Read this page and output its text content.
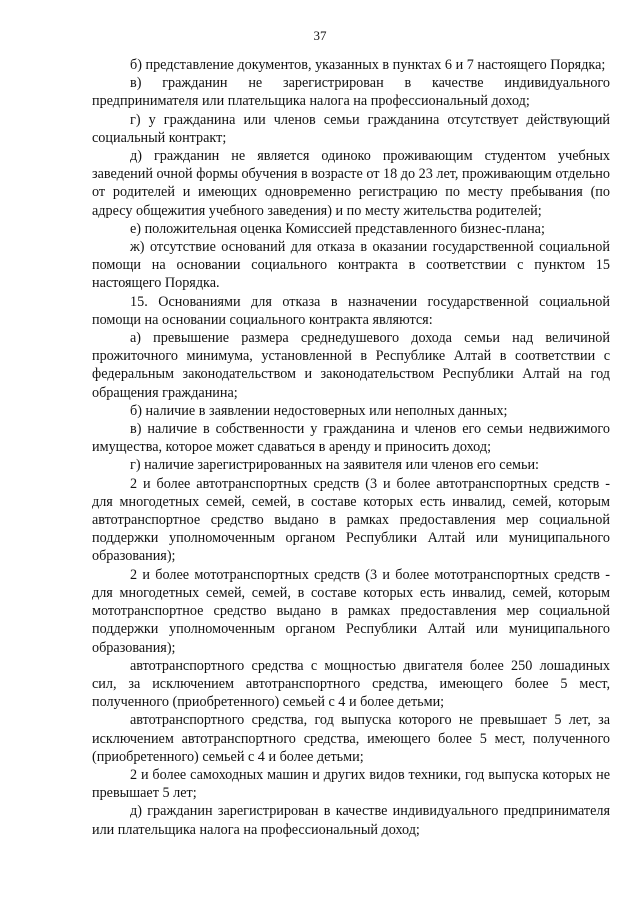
37

б) представление документов, указанных в пунктах 6 и 7 настоящего Порядка;

в) гражданин не зарегистрирован в качестве индивидуального предпринимателя или плательщика налога на профессиональный доход;

г) у гражданина или членов семьи гражданина отсутствует действующий социальный контракт;

д) гражданин не является одиноко проживающим студентом учебных заведений очной формы обучения в возрасте от 18 до 23 лет, проживающим отдельно от родителей и имеющих одновременно регистрацию по месту пребывания (по адресу общежития учебного заведения) и по месту жительства родителей;

е) положительная оценка Комиссией представленного бизнес-плана;

ж) отсутствие оснований для отказа в оказании государственной социальной помощи на основании социального контракта в соответствии с пунктом 15 настоящего Порядка.

15. Основаниями для отказа в назначении государственной социальной помощи на основании социального контракта являются:

а) превышение размера среднедушевого дохода семьи над величиной прожиточного минимума, установленной в Республике Алтай в соответствии с федеральным законодательством и законодательством Республики Алтай на год обращения гражданина;

б) наличие в заявлении недостоверных или неполных данных;

в) наличие в собственности у гражданина и членов его семьи недвижимого имущества, которое может сдаваться в аренду и приносить доход;

г) наличие зарегистрированных на заявителя или членов его семьи:

2 и более автотранспортных средств (3 и более автотранспортных средств - для многодетных семей, семей, в составе которых есть инвалид, семей, которым автотранспортное средство выдано в рамках предоставления мер социальной поддержки уполномоченным органом Республики Алтай или муниципального образования);

2 и более мототранспортных средств (3 и более мототранспортных средств - для многодетных семей, семей, в составе которых есть инвалид, семей, которым мототранспортное средство выдано в рамках предоставления мер социальной поддержки уполномоченным органом Республики Алтай или муниципального образования);

автотранспортного средства с мощностью двигателя более 250 лошадиных сил, за исключением автотранспортного средства, имеющего более 5 мест, полученного (приобретенного) семьей с 4 и более детьми;

автотранспортного средства, год выпуска которого не превышает 5 лет, за исключением автотранспортного средства, имеющего более 5 мест, полученного (приобретенного) семьей с 4 и более детьми;

2 и более самоходных машин и других видов техники, год выпуска которых не превышает 5 лет;

д) гражданин зарегистрирован в качестве индивидуального предпринимателя или плательщика налога на профессиональный доход;
